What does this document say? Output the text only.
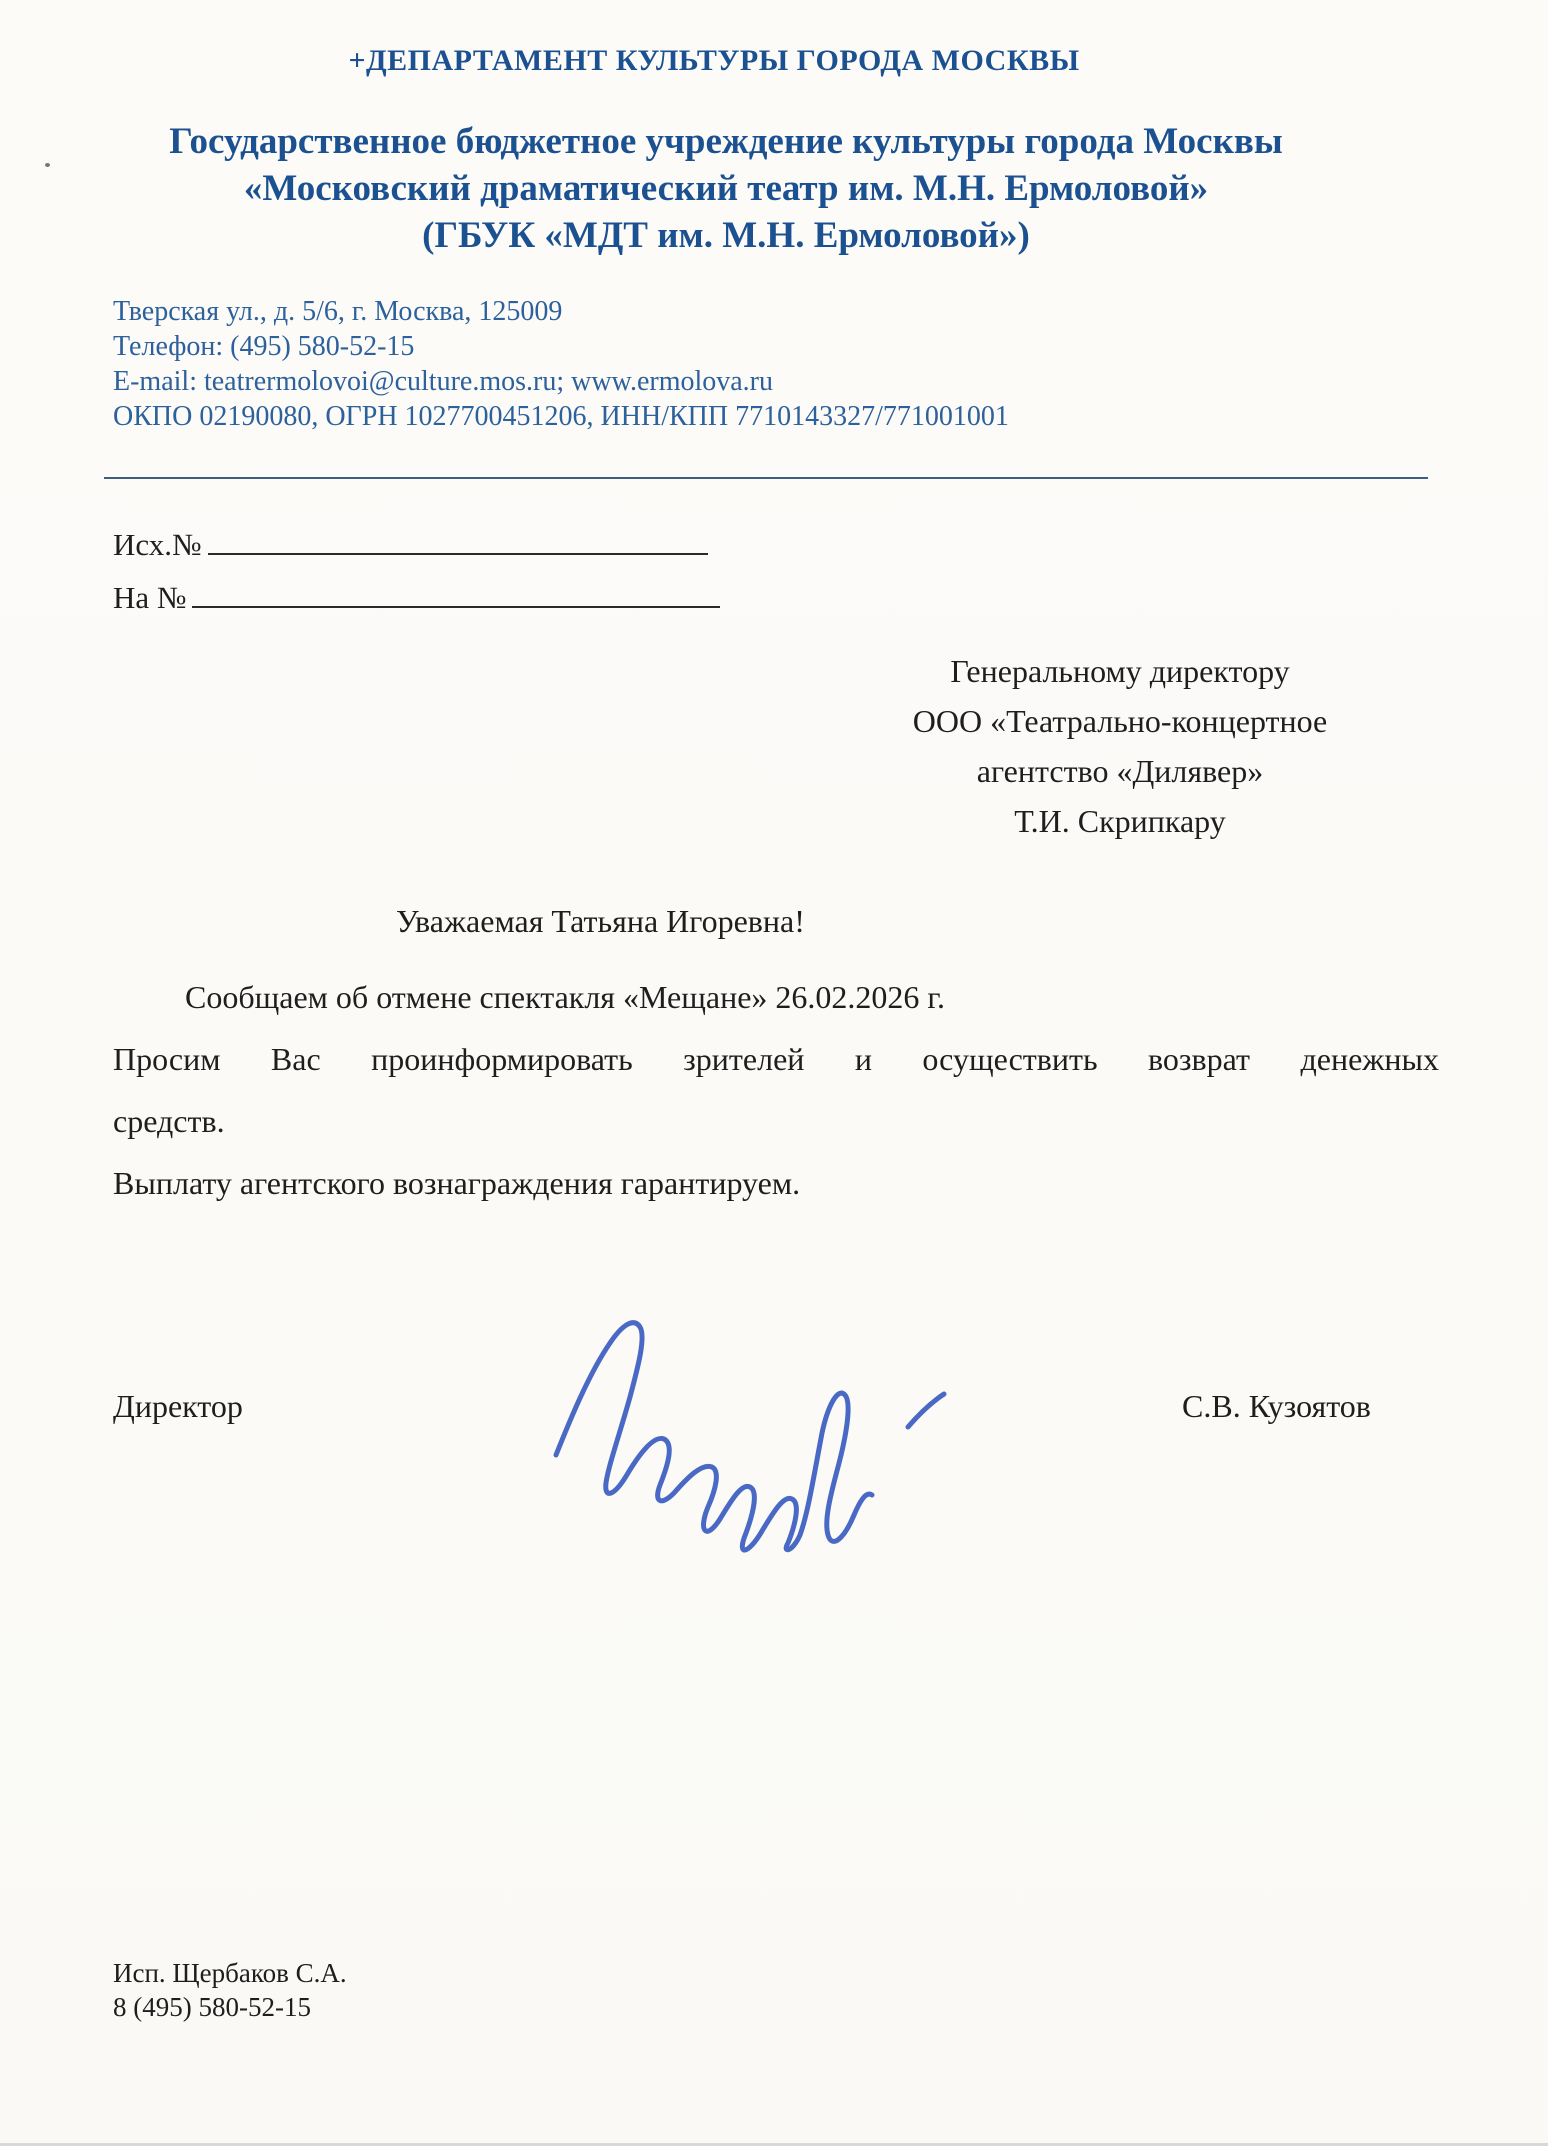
+ДЕПАРТАМЕНТ КУЛЬТУРЫ ГОРОДА МОСКВЫ
Государственное бюджетное учреждение культуры города Москвы
«Московский драматический театр им. М.Н. Ермоловой»
(ГБУК «МДТ им. М.Н. Ермоловой»)
Тверская ул., д. 5/6, г. Москва, 125009
Телефон: (495) 580-52-15
E-mail: teatrermolovoi@culture.mos.ru; www.ermolova.ru
ОКПО 02190080, ОГРН 1027700451206, ИНН/КПП 7710143327/771001001
Исх.№
На №
Генеральному директору
ООО «Театрально-концертное
агентство «Дилявер»
Т.И. Скрипкару
Уважаемая Татьяна Игоревна!
Сообщаем об отмене спектакля «Мещане» 26.02.2026 г.
Просим Вас проинформировать зрителей и осуществить возврат денежных
средств.
Выплату агентского вознаграждения гарантируем.
Директор	С.В. Кузоятов
Исп. Щербаков С.А.
8 (495) 580-52-15
